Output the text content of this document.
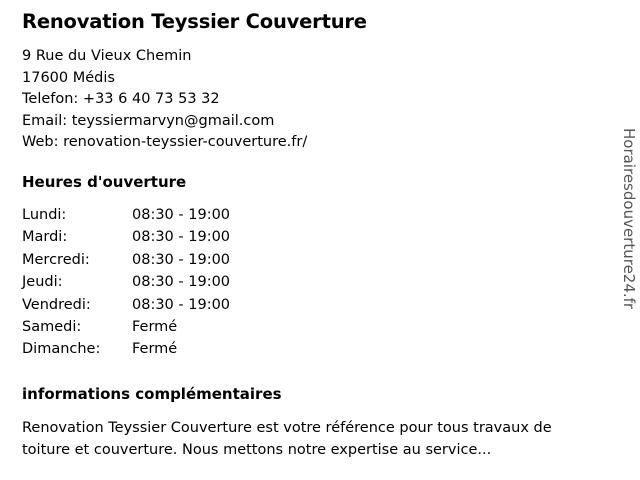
Renovation Teyssier Couverture
9 Rue du Vieux Chemin
17600 Médis
Telefon: +33 6 40 73 53 32
Email: teyssiermarvyn@gmail.com
Web: renovation-teyssier-couverture.fr/
Heures d'ouverture
Lundi:	08:30 - 19:00
Mardi:	08:30 - 19:00
Mercredi:	08:30 - 19:00
Jeudi:	08:30 - 19:00
Vendredi:	08:30 - 19:00
Samedi:	Fermé
Dimanche:	Fermé
informations complémentaires
Renovation Teyssier Couverture est votre référence pour tous travaux de toiture et couverture. Nous mettons notre expertise au service...
Horairesdouverture24.fr
